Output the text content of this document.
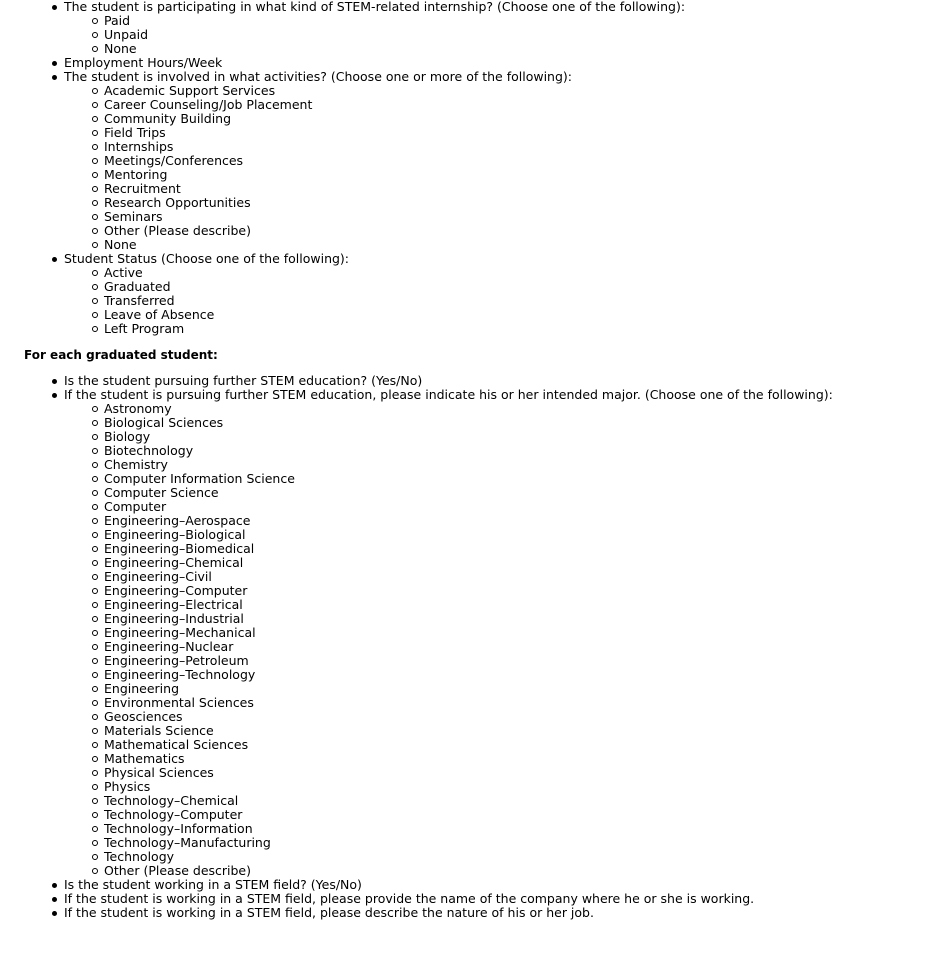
The student is participating in what kind of STEM-related internship? (Choose one of the following):
Paid
Unpaid
None
Employment Hours/Week
The student is involved in what activities? (Choose one or more of the following):
Academic Support Services
Career Counseling/Job Placement
Community Building
Field Trips
Internships
Meetings/Conferences
Mentoring
Recruitment
Research Opportunities
Seminars
Other (Please describe)
None
Student Status (Choose one of the following):
Active
Graduated
Transferred
Leave of Absence
Left Program

For each graduated student:

Is the student pursuing further STEM education? (Yes/No)
If the student is pursuing further STEM education, please indicate his or her intended major. (Choose one of the following):
Astronomy
Biological Sciences
Biology
Biotechnology
Chemistry
Computer Information Science
Computer Science
Computer
Engineering–Aerospace
Engineering–Biological
Engineering–Biomedical
Engineering–Chemical
Engineering–Civil
Engineering–Computer
Engineering–Electrical
Engineering–Industrial
Engineering–Mechanical
Engineering–Nuclear
Engineering–Petroleum
Engineering–Technology
Engineering
Environmental Sciences
Geosciences
Materials Science
Mathematical Sciences
Mathematics
Physical Sciences
Physics
Technology–Chemical
Technology–Computer
Technology–Information
Technology–Manufacturing
Technology
Other (Please describe)
Is the student working in a STEM field? (Yes/No)
If the student is working in a STEM field, please provide the name of the company where he or she is working.
If the student is working in a STEM field, please describe the nature of his or her job.
